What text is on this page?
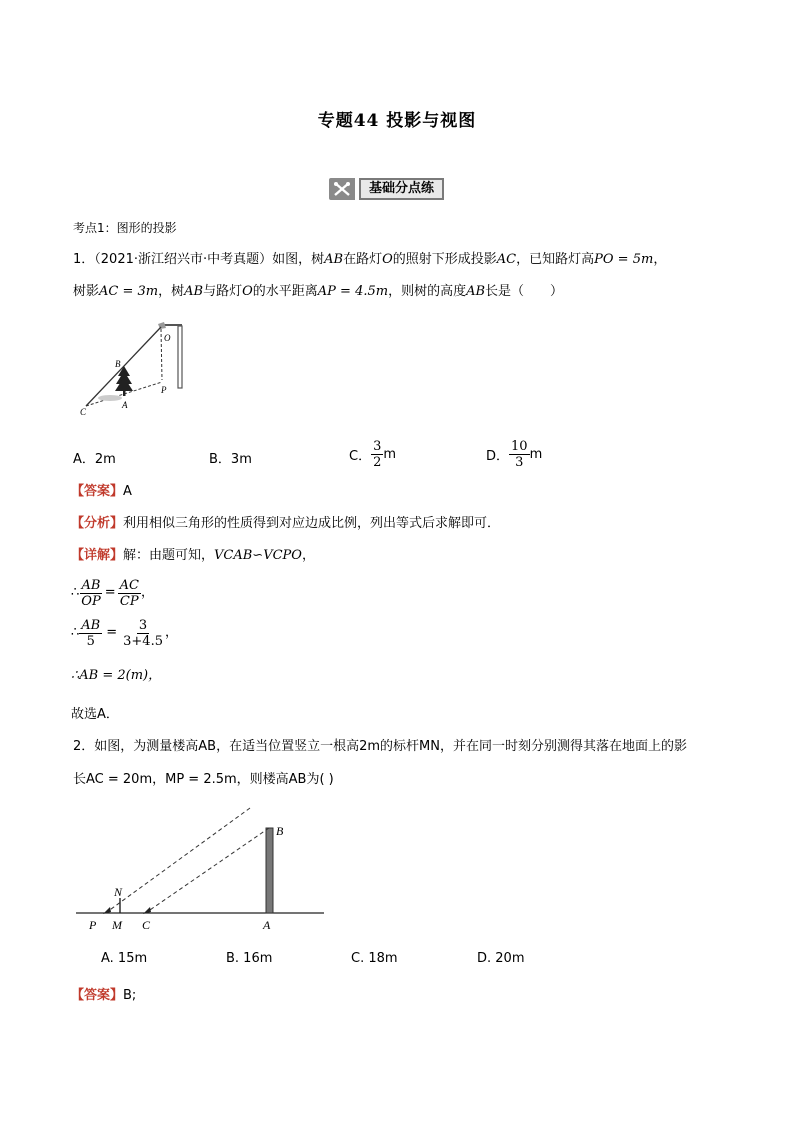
专题44 投影与视图
基础分点练
考点1：图形的投影
1．（2021·浙江绍兴市·中考真题）如图，树AB在路灯O的照射下形成投影AC，已知路灯高PO = 5m，
树影AC = 3m，树AB与路灯O的水平距离AP = 4.5m，则树的高度AB长是（　　）
O
B
P
C
A
A．2m	B．3m	C． $\frac{3}{2}$ m	D． $\frac{10}{3}$ m
【答案】A
【分析】利用相似三角形的性质得到对应边成比例，列出等式后求解即可．
【详解】解：由题可知，VCAB∽VCPO，
∴ $\frac{AB}{OP} = \frac{AC}{CP}$ ，
∴ $\frac{AB}{5} = \frac{3}{3+4.5}$ ，
∴AB = 2(m)，
故选A．
2．如图，为测量楼高AB，在适当位置竖立一根高2m的标杆MN，并在同一时刻分别测得其落在地面上的影
长AC = 20m，MP = 2.5m，则楼高AB为( )
B
N
P M C	A
A. 15m	B. 16m	C. 18m	D. 20m
【答案】B;
